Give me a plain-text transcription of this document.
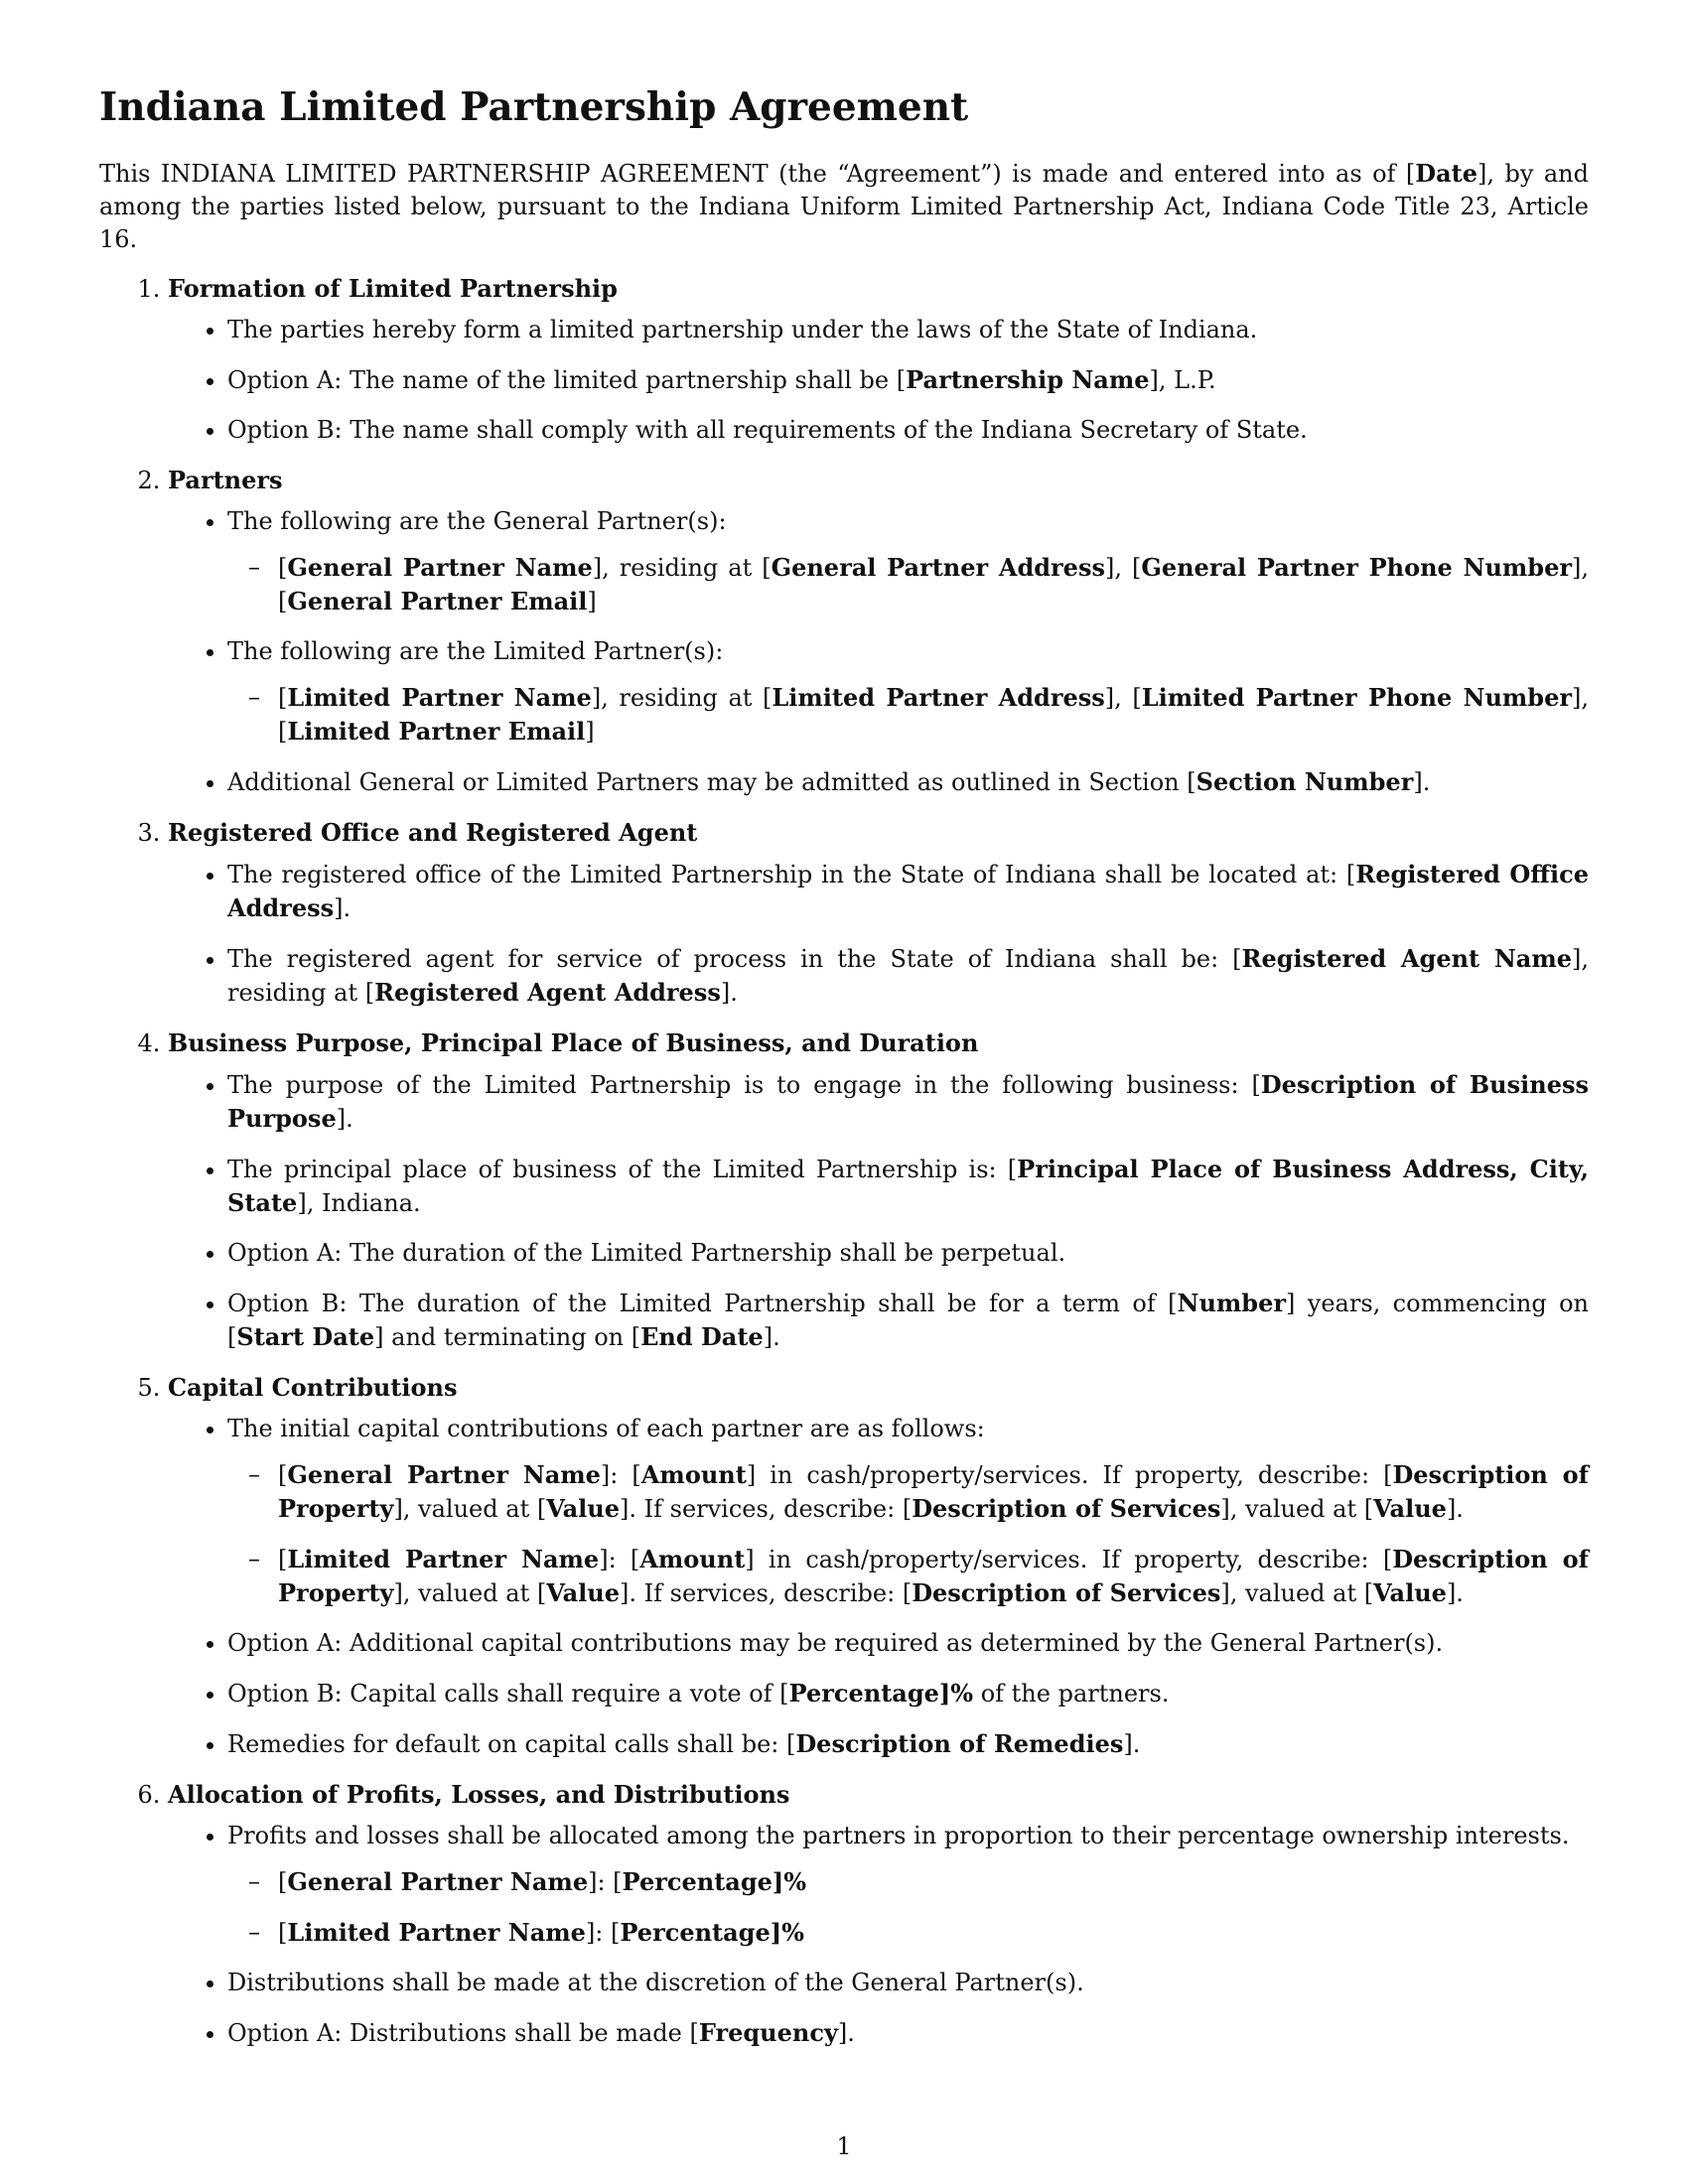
Indiana Limited Partnership Agreement

This INDIANA LIMITED PARTNERSHIP AGREEMENT (the “Agreement”) is made and entered into as of [Date], by and among the parties listed below, pursuant to the Indiana Uniform Limited Partnership Act, Indiana Code Title 23, Article 16.

1. Formation of Limited Partnership
• The parties hereby form a limited partnership under the laws of the State of Indiana.
• Option A: The name of the limited partnership shall be [Partnership Name], L.P.
• Option B: The name shall comply with all requirements of the Indiana Secretary of State.
2. Partners
• The following are the General Partner(s):
– [General Partner Name], residing at [General Partner Address], [General Partner Phone Number], [General Partner Email]
• The following are the Limited Partner(s):
– [Limited Partner Name], residing at [Limited Partner Address], [Limited Partner Phone Number], [Limited Partner Email]
• Additional General or Limited Partners may be admitted as outlined in Section [Section Number].
3. Registered Office and Registered Agent
• The registered office of the Limited Partnership in the State of Indiana shall be located at: [Registered Office Address].
• The registered agent for service of process in the State of Indiana shall be: [Registered Agent Name], residing at [Registered Agent Address].
4. Business Purpose, Principal Place of Business, and Duration
• The purpose of the Limited Partnership is to engage in the following business: [Description of Business Purpose].
• The principal place of business of the Limited Partnership is: [Principal Place of Business Address, City, State], Indiana.
• Option A: The duration of the Limited Partnership shall be perpetual.
• Option B: The duration of the Limited Partnership shall be for a term of [Number] years, commencing on [Start Date] and terminating on [End Date].
5. Capital Contributions
• The initial capital contributions of each partner are as follows:
– [General Partner Name]: [Amount] in cash/property/services. If property, describe: [Description of Property], valued at [Value]. If services, describe: [Description of Services], valued at [Value].
– [Limited Partner Name]: [Amount] in cash/property/services. If property, describe: [Description of Property], valued at [Value]. If services, describe: [Description of Services], valued at [Value].
• Option A: Additional capital contributions may be required as determined by the General Partner(s).
• Option B: Capital calls shall require a vote of [Percentage]% of the partners.
• Remedies for default on capital calls shall be: [Description of Remedies].
6. Allocation of Profits, Losses, and Distributions
• Profits and losses shall be allocated among the partners in proportion to their percentage ownership interests.
– [General Partner Name]: [Percentage]%
– [Limited Partner Name]: [Percentage]%
• Distributions shall be made at the discretion of the General Partner(s).
• Option A: Distributions shall be made [Frequency].
1
